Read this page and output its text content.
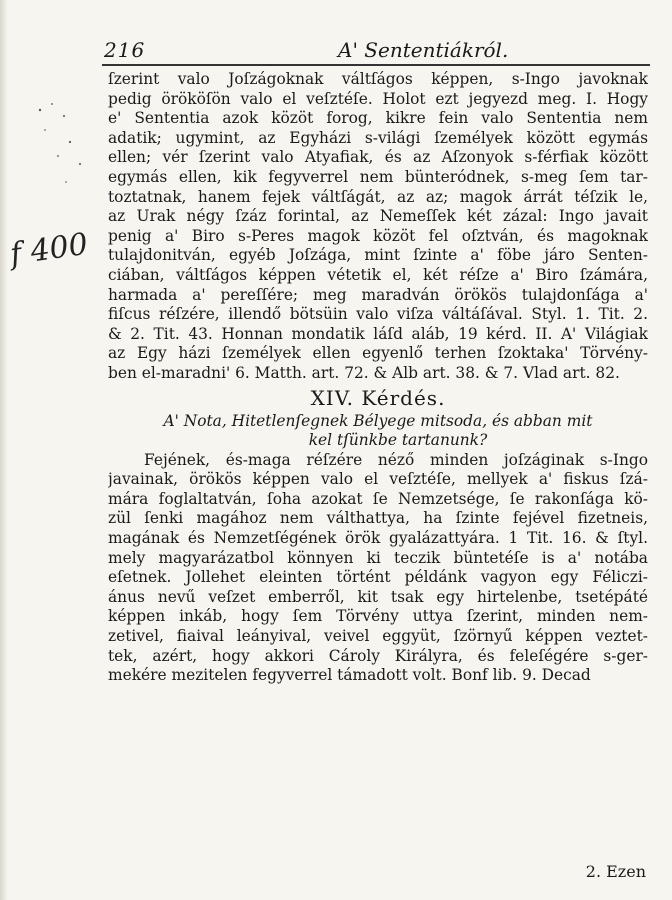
216	A' Sententiákról.
f 400
ſzerint valo Joſzágoknak váltſágos képpen, s-Ingo javoknak
pedig örököſön valo el veſztéſe. Holot ezt jegyezd meg. I. Hogy
e' Sententia azok közöt forog, kikre fein valo Sententia nem
adatik; ugymint, az Egyházi s-világi ſzemélyek között egymás
ellen; vér ſzerint valo Atyafiak, és az Aſzonyok s-férfiak között
egymás ellen, kik fegyverrel nem bünteródnek, s-meg ſem tar-
toztatnak, hanem fejek váltſágát, az az; magok árrát téſzik le,
az Urak négy ſzáz forintal, az Nemeſſek két zázal: Ingo javait
penig a' Biro s-Peres magok közöt fel oſztván, és magoknak
tulajdonitván, egyéb Joſzága, mint ſzinte a' föbe járo Senten-
ciában, váltſágos képpen vétetik el, két réſze a' Biro ſzámára,
harmada a' pereſſére; meg maradván örökös tulajdonſága a'
fiſcus réſzére, illendő bötsüin valo viſza váltáſával. Styl. 1. Tit. 2.
& 2. Tit. 43. Honnan mondatik láſd aláb, 19 kérd. II. A' Világiak
az Egy házi ſzemélyek ellen egyenlő terhen ſzoktaka' Törvény-
ben el-maradni' 6. Matth. art. 72. & Alb art. 38. & 7. Vlad art. 82.
XIV. Kérdés.
A' Nota, Hitetlenſegnek Bélyege mitsoda, és abban mit
kel tſünkbe tartanunk?
Fejének, és-maga réſzére néző minden joſzáginak s-Ingo
javainak, örökös képpen valo el veſztéſe, mellyek a' fiskus ſzá-
mára foglaltatván, ſoha azokat ſe Nemzetsége, ſe rakonſága kö-
zül ſenki magához nem válthattya, ha ſzinte fejével fizetneis,
magának és Nemzetſégének örök gyalázattyára. 1 Tit. 16. & ſtyl.
mely magyarázatbol könnyen ki teczik büntetéſe is a' notába
eſetnek. Jollehet eleinten történt példánk vagyon egy Féliczi-
ánus nevű veſzet emberről, kit tsak egy hirtelenbe, tsetépáté
képpen inkáb, hogy ſem Törvény uttya ſzerint, minden nem-
zetivel, fiaival leányival, veivel eggyüt, ſzörnyű képpen veztet-
tek, azért, hogy akkori Cároly Királyra, és feleſégére s-ger-
mekére mezitelen fegyverrel támadott volt. Bonf lib. 9. Decad
2. Ezen
